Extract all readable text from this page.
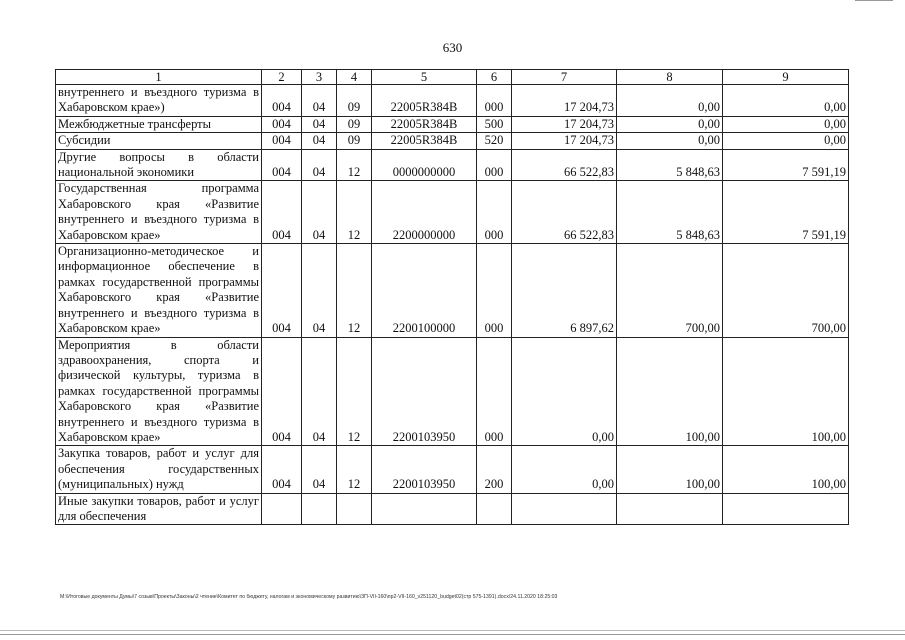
630
1	2	3	4	5	6	7	8	9
внутреннего и въездного туризма в Хабаровском крае»)	004	04	09	22005R384B	000	17 204,73	0,00	0,00
Межбюджетные трансферты	004	04	09	22005R384B	500	17 204,73	0,00	0,00
Субсидии	004	04	09	22005R384B	520	17 204,73	0,00	0,00
Другие вопросы в области национальной экономики	004	04	12	0000000000	000	66 522,83	5 848,63	7 591,19
Государственная программа Хабаровского края «Развитие внутреннего и въездного туризма в Хабаровском крае»	004	04	12	2200000000	000	66 522,83	5 848,63	7 591,19
Организационно-методическое и информационное обеспечение в рамках государственной программы Хабаровского края «Развитие внутреннего и въездного туризма в Хабаровском крае»	004	04	12	2200100000	000	6 897,62	700,00	700,00
Мероприятия в области здравоохранения, спорта и физической культуры, туризма в рамках государственной программы Хабаровского края «Развитие внутреннего и въездного туризма в Хабаровском крае»	004	04	12	2200103950	000	0,00	100,00	100,00
Закупка товаров, работ и услуг для обеспечения государственных (муниципальных) нужд	004	04	12	2200103950	200	0,00	100,00	100,00
Иные закупки товаров, работ и услуг для обеспечения								
M:\Итоговые документы Думы\7 созыв\Проекты\Законы\2 чтение\Комитет по бюджету, налогам и экономическому развитию\ЗП-VII-160\пр2-VII-160_v251120_budget02(стр 575-1391).docx/24.11.2020 18:25:03
